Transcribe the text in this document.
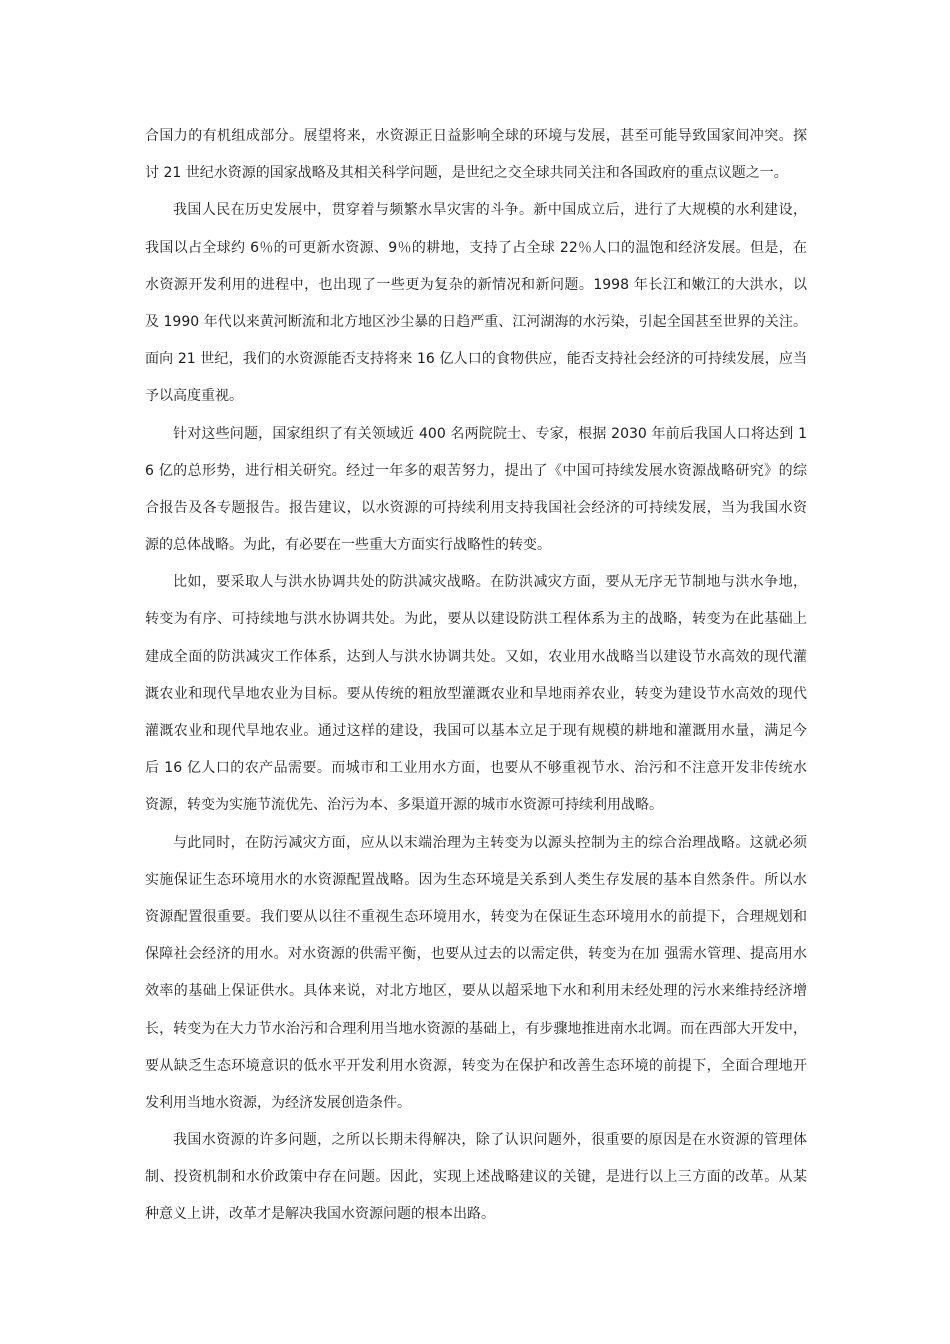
合国力的有机组成部分。展望将来，水资源正日益影响全球的环境与发展，甚至可能导致国家间冲突。探
讨 21 世纪水资源的国家战略及其相关科学问题，是世纪之交全球共同关注和各国政府的重点议题之一。
我国人民在历史发展中，贯穿着与频繁水旱灾害的斗争。新中国成立后，进行了大规模的水利建设，
我国以占全球约 6％的可更新水资源、9％的耕地，支持了占全球 22％人口的温饱和经济发展。但是，在
水资源开发利用的进程中，也出现了一些更为复杂的新情况和新问题。1998 年长江和嫩江的大洪水，以
及 1990 年代以来黄河断流和北方地区沙尘暴的日趋严重、江河湖海的水污染，引起全国甚至世界的关注。
面向 21 世纪，我们的水资源能否支持将来 16 亿人口的食物供应，能否支持社会经济的可持续发展，应当
予以高度重视。
针对这些问题，国家组织了有关领域近 400 名两院院士、专家，根据 2030 年前后我国人口将达到 1
6 亿的总形势，进行相关研究。经过一年多的艰苦努力，提出了《中国可持续发展水资源战略研究》的综
合报告及各专题报告。报告建议，以水资源的可持续利用支持我国社会经济的可持续发展，当为我国水资
源的总体战略。为此，有必要在一些重大方面实行战略性的转变。
比如，要采取人与洪水协调共处的防洪减灾战略。在防洪减灾方面，要从无序无节制地与洪水争地，
转变为有序、可持续地与洪水协调共处。为此，要从以建设防洪工程体系为主的战略，转变为在此基础上
建成全面的防洪减灾工作体系，达到人与洪水协调共处。又如，农业用水战略当以建设节水高效的现代灌
溉农业和现代旱地农业为目标。要从传统的粗放型灌溉农业和旱地雨养农业，转变为建设节水高效的现代
灌溉农业和现代旱地农业。通过这样的建设，我国可以基本立足于现有规模的耕地和灌溉用水量，满足今
后 16 亿人口的农产品需要。而城市和工业用水方面，也要从不够重视节水、治污和不注意开发非传统水
资源，转变为实施节流优先、治污为本、多渠道开源的城市水资源可持续利用战略。
与此同时，在防污减灾方面，应从以末端治理为主转变为以源头控制为主的综合治理战略。这就必须
实施保证生态环境用水的水资源配置战略。因为生态环境是关系到人类生存发展的基本自然条件。所以水
资源配置很重要。我们要从以往不重视生态环境用水，转变为在保证生态环境用水的前提下，合理规划和
保障社会经济的用水。对水资源的供需平衡，也要从过去的以需定供，转变为在加 强需水管理、提高用水
效率的基础上保证供水。具体来说，对北方地区，要从以超采地下水和利用未经处理的污水来维持经济增
长，转变为在大力节水治污和合理利用当地水资源的基础上，有步骤地推进南水北调。而在西部大开发中，
要从缺乏生态环境意识的低水平开发利用水资源，转变为在保护和改善生态环境的前提下，全面合理地开
发利用当地水资源，为经济发展创造条件。
我国水资源的许多问题，之所以长期未得解决，除了认识问题外，很重要的原因是在水资源的管理体
制、投资机制和水价政策中存在问题。因此，实现上述战略建议的关键，是进行以上三方面的改革。从某
种意义上讲，改革才是解决我国水资源问题的根本出路。
